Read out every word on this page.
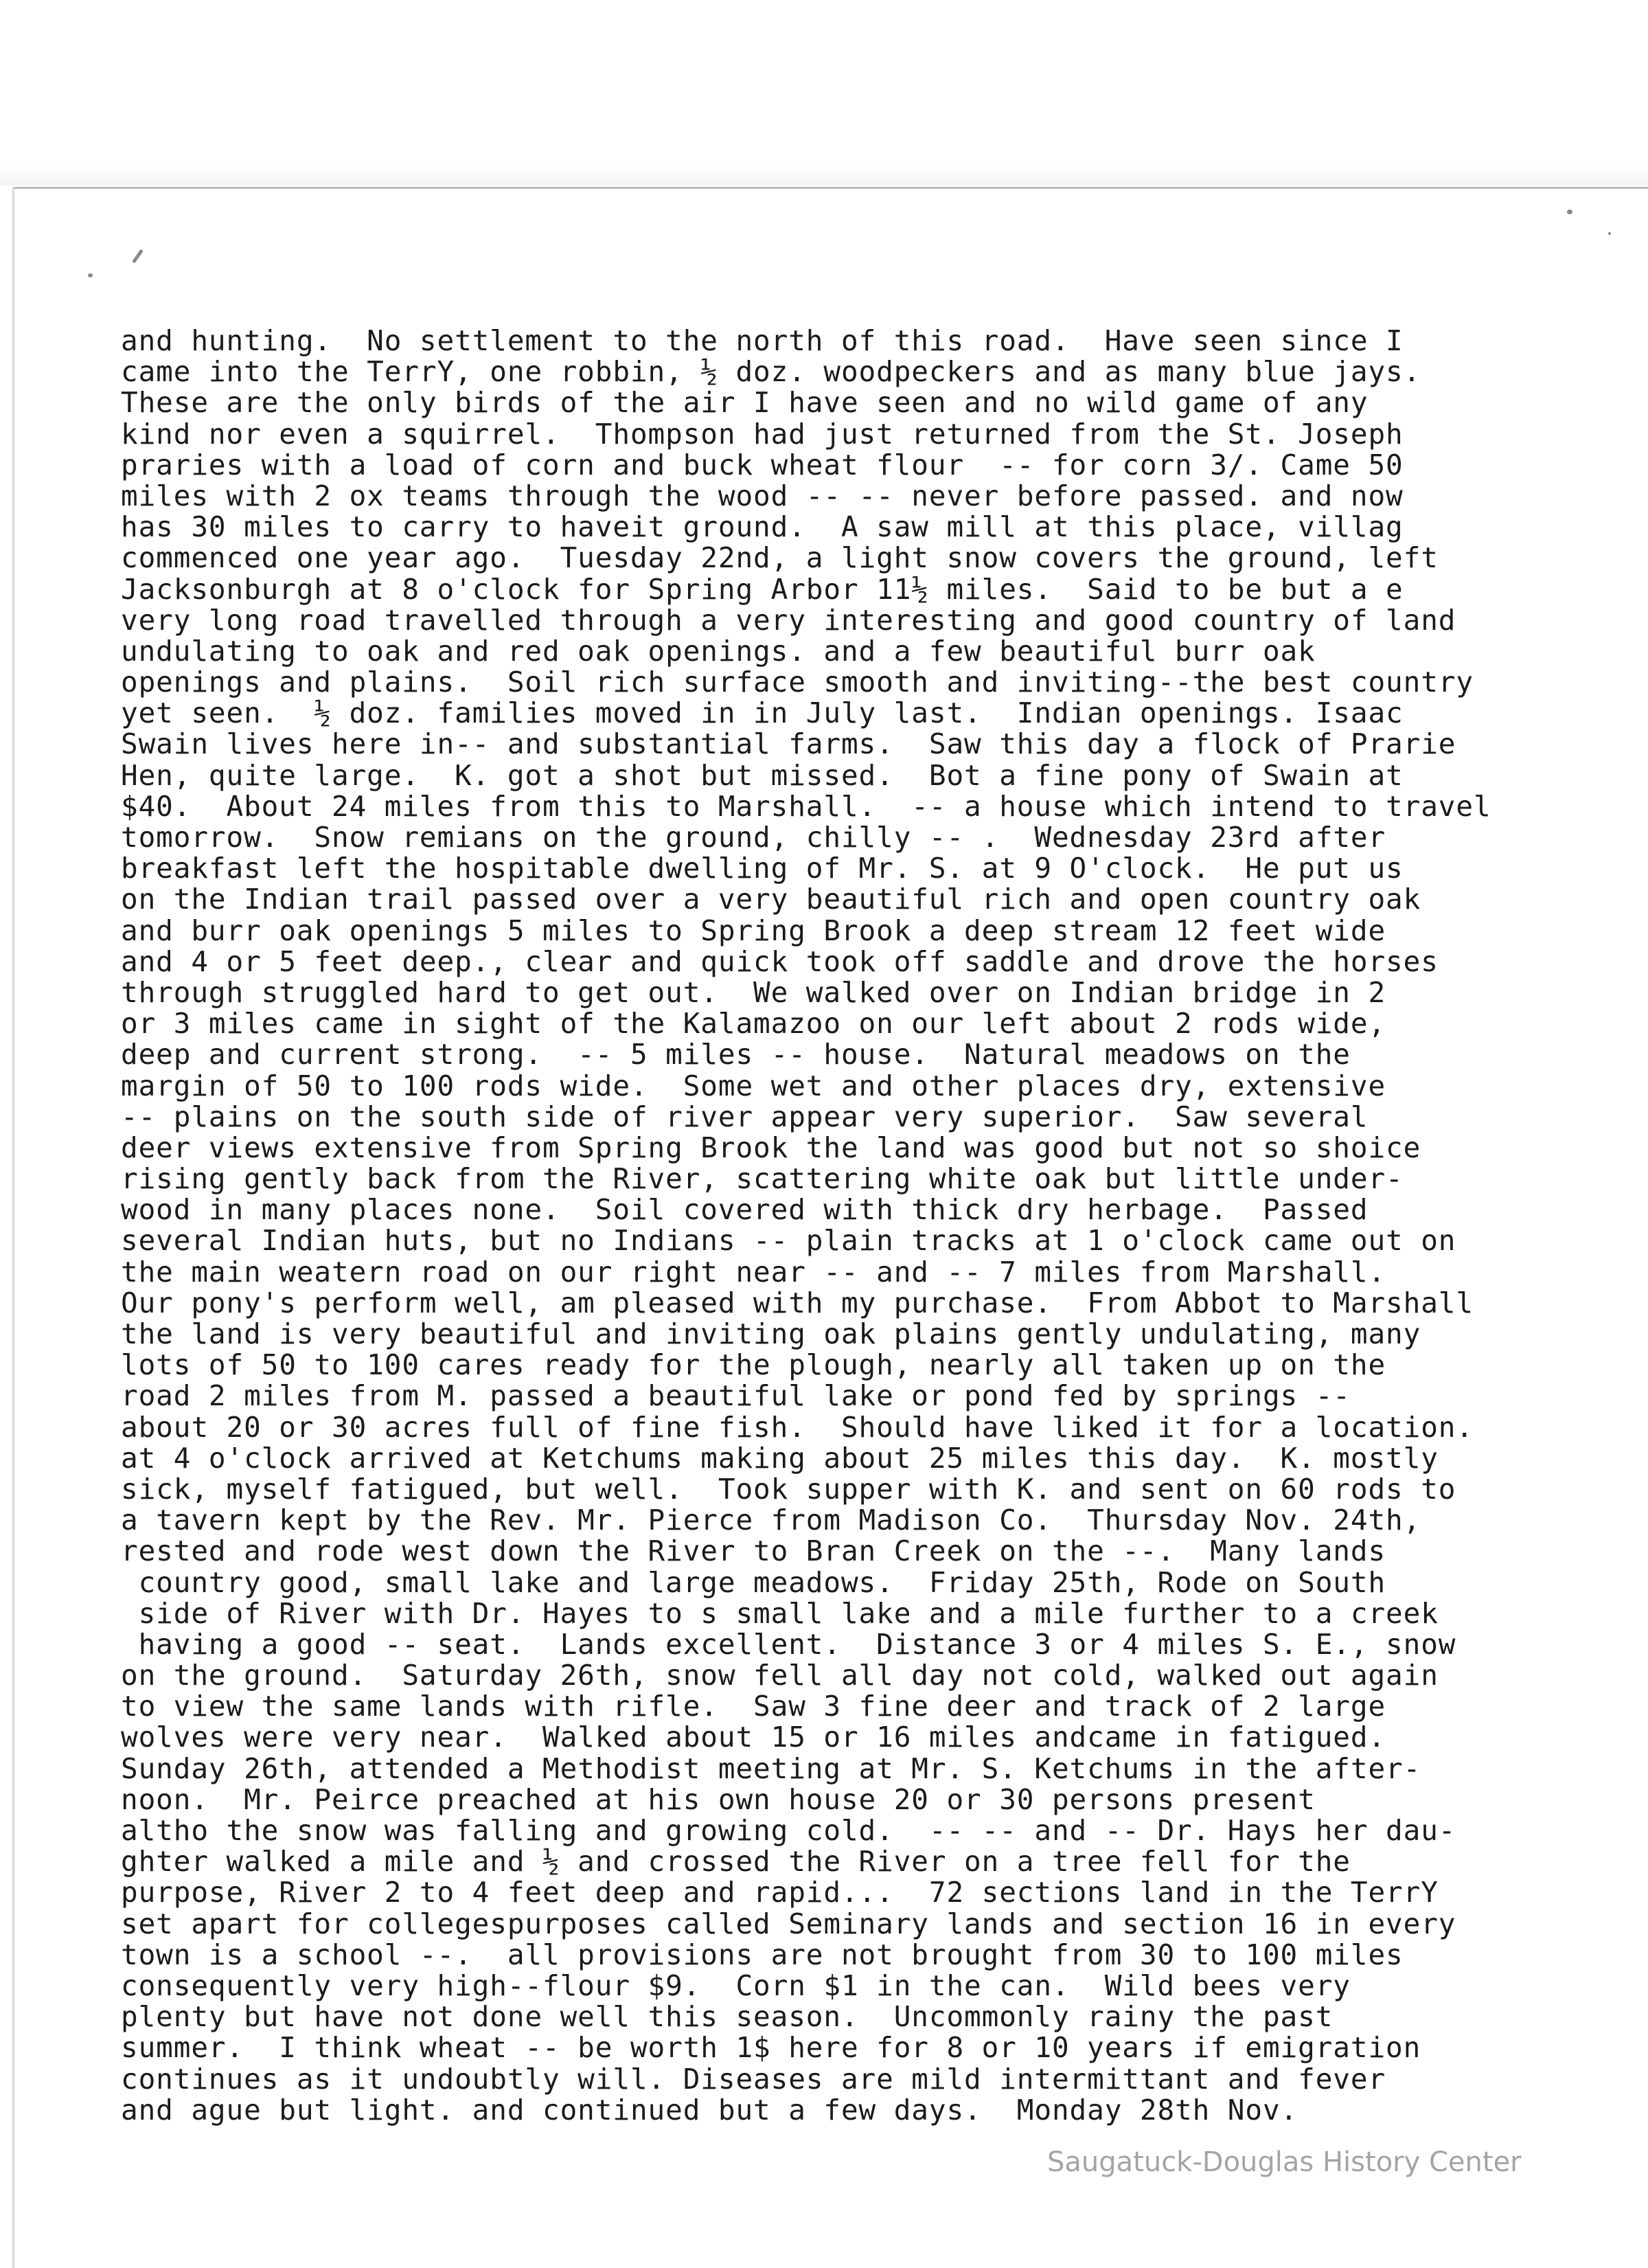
and hunting.  No settlement to the north of this road.  Have seen since I
came into the TerrY, one robbin, ½ doz. woodpeckers and as many blue jays.
These are the only birds of the air I have seen and no wild game of any
kind nor even a squirrel.  Thompson had just returned from the St. Joseph
praries with a load of corn and buck wheat flour  -- for corn 3/. Came 50
miles with 2 ox teams through the wood -- -- never before passed. and now
has 30 miles to carry to haveit ground.  A saw mill at this place, villag
commenced one year ago.  Tuesday 22nd, a light snow covers the ground, left
Jacksonburgh at 8 o'clock for Spring Arbor 11½ miles.  Said to be but a e
very long road travelled through a very interesting and good country of land
undulating to oak and red oak openings. and a few beautiful burr oak
openings and plains.  Soil rich surface smooth and inviting--the best country
yet seen.  ½ doz. families moved in in July last.  Indian openings. Isaac
Swain lives here in-- and substantial farms.  Saw this day a flock of Prarie
Hen, quite large.  K. got a shot but missed.  Bot a fine pony of Swain at
$40.  About 24 miles from this to Marshall.  -- a house which intend to travel
tomorrow.  Snow remians on the ground, chilly -- .  Wednesday 23rd after
breakfast left the hospitable dwelling of Mr. S. at 9 O'clock.  He put us
on the Indian trail passed over a very beautiful rich and open country oak
and burr oak openings 5 miles to Spring Brook a deep stream 12 feet wide
and 4 or 5 feet deep., clear and quick took off saddle and drove the horses
through struggled hard to get out.  We walked over on Indian bridge in 2
or 3 miles came in sight of the Kalamazoo on our left about 2 rods wide,
deep and current strong.  -- 5 miles -- house.  Natural meadows on the
margin of 50 to 100 rods wide.  Some wet and other places dry, extensive
-- plains on the south side of river appear very superior.  Saw several
deer views extensive from Spring Brook the land was good but not so shoice
rising gently back from the River, scattering white oak but little under-
wood in many places none.  Soil covered with thick dry herbage.  Passed
several Indian huts, but no Indians -- plain tracks at 1 o'clock came out on
the main weatern road on our right near -- and -- 7 miles from Marshall.
Our pony's perform well, am pleased with my purchase.  From Abbot to Marshall
the land is very beautiful and inviting oak plains gently undulating, many
lots of 50 to 100 cares ready for the plough, nearly all taken up on the
road 2 miles from M. passed a beautiful lake or pond fed by springs --
about 20 or 30 acres full of fine fish.  Should have liked it for a location.
at 4 o'clock arrived at Ketchums making about 25 miles this day.  K. mostly
sick, myself fatigued, but well.  Took supper with K. and sent on 60 rods to
a tavern kept by the Rev. Mr. Pierce from Madison Co.  Thursday Nov. 24th,
rested and rode west down the River to Bran Creek on the --.  Many lands
country good, small lake and large meadows.  Friday 25th, Rode on South
side of River with Dr. Hayes to s small lake and a mile further to a creek
having a good -- seat.  Lands excellent.  Distance 3 or 4 miles S. E., snow
on the ground.  Saturday 26th, snow fell all day not cold, walked out again
to view the same lands with rifle.  Saw 3 fine deer and track of 2 large
wolves were very near.  Walked about 15 or 16 miles andcame in fatigued.
Sunday 26th, attended a Methodist meeting at Mr. S. Ketchums in the after-
noon.  Mr. Peirce preached at his own house 20 or 30 persons present
altho the snow was falling and growing cold.  -- -- and -- Dr. Hays her dau-
ghter walked a mile and ½ and crossed the River on a tree fell for the
purpose, River 2 to 4 feet deep and rapid...  72 sections land in the TerrY
set apart for collegespurposes called Seminary lands and section 16 in every
town is a school --.  all provisions are not brought from 30 to 100 miles
consequently very high--flour $9.  Corn $1 in the can.  Wild bees very
plenty but have not done well this season.  Uncommonly rainy the past
summer.  I think wheat -- be worth 1$ here for 8 or 10 years if emigration
continues as it undoubtly will. Diseases are mild intermittant and fever
and ague but light. and continued but a few days.  Monday 28th Nov.
Saugatuck-Douglas History Center
